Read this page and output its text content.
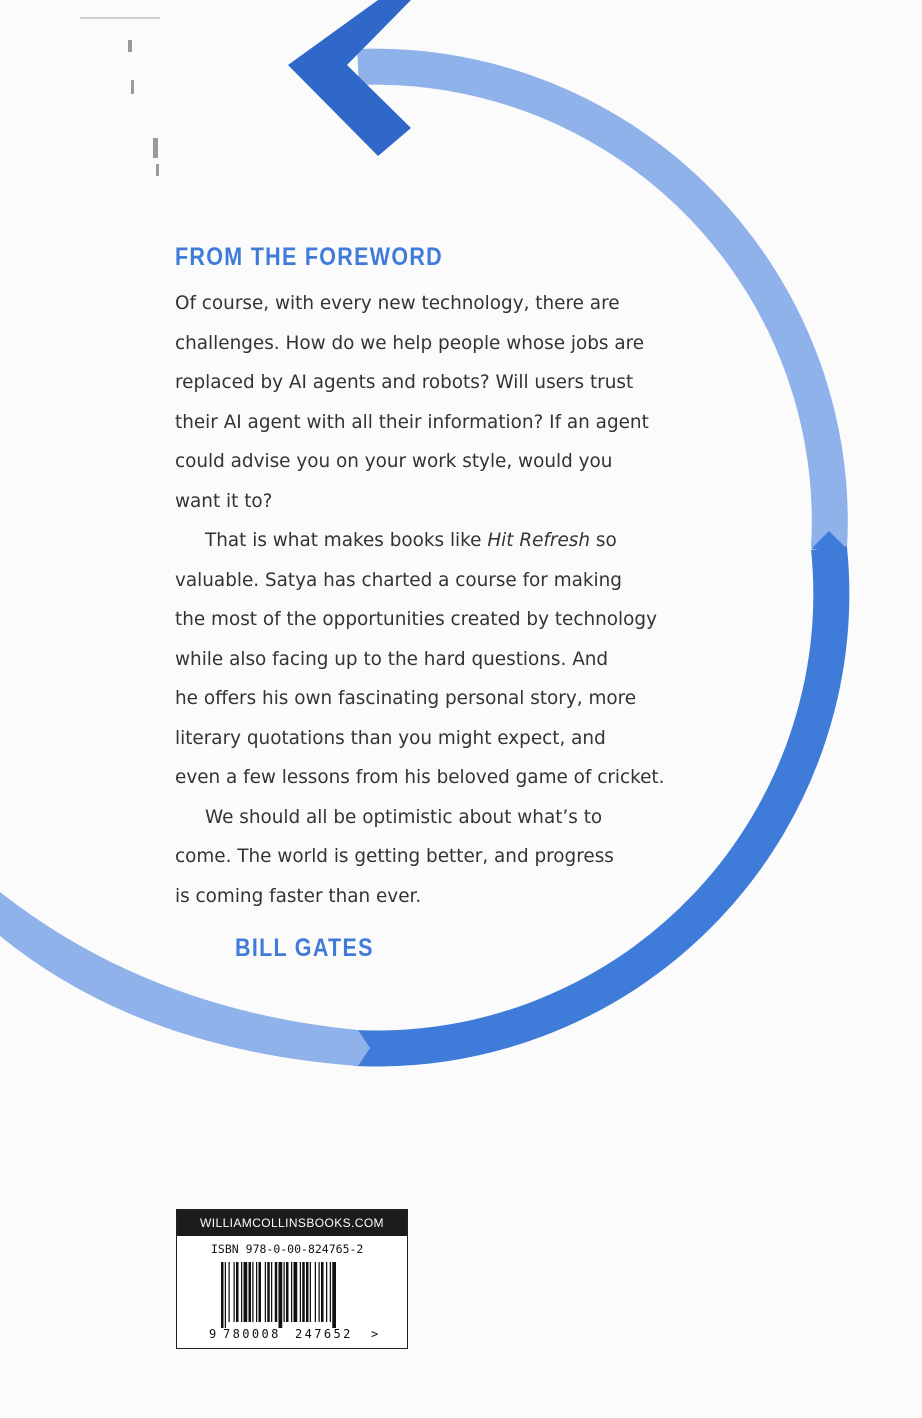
FROM THE FOREWORD

Of course, with every new technology, there are
challenges. How do we help people whose jobs are
replaced by AI agents and robots? Will users trust
their AI agent with all their information? If an agent
could advise you on your work style, would you
want it to?

That is what makes books like Hit Refresh so
valuable. Satya has charted a course for making
the most of the opportunities created by technology
while also facing up to the hard questions. And
he offers his own fascinating personal story, more
literary quotations than you might expect, and
even a few lessons from his beloved game of cricket.

We should all be optimistic about what’s to
come. The world is getting better, and progress
is coming faster than ever.

BILL GATES
WILLIAMCOLLINSBOOKS.COM
ISBN 978-0-00-824765-2
9 780008 247652 >
